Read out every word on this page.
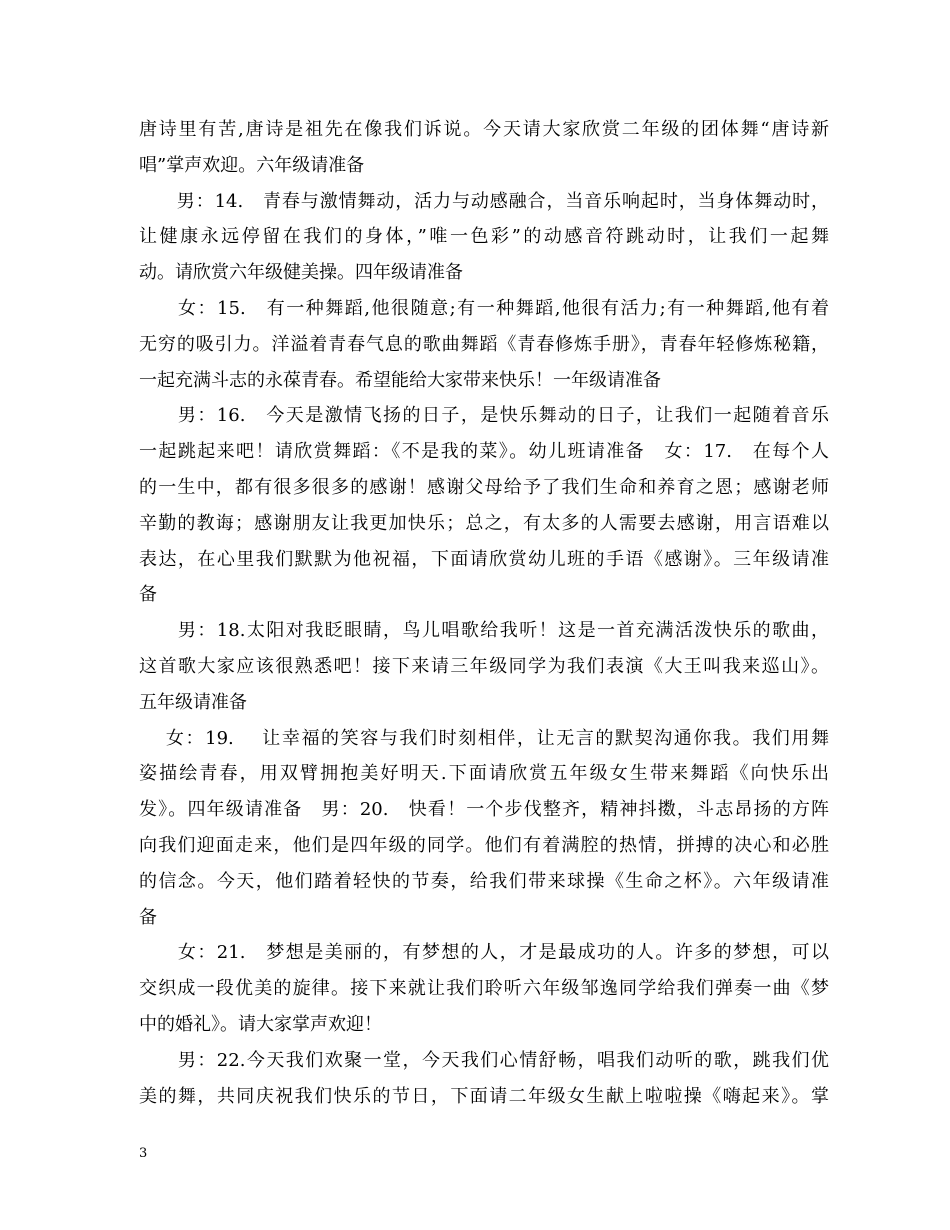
唐诗里有苦,唐诗是祖先在像我们诉说。今天请大家欣赏二年级的团体舞“唐诗新
唱”掌声欢迎。六年级请准备
　　男：14.　青春与激情舞动，活力与动感融合，当音乐响起时，当身体舞动时，
让健康永远停留在我们的身体，”唯一色彩”的动感音符跳动时，让我们一起舞
动。请欣赏六年级健美操。四年级请准备
　　女：15.　有一种舞蹈,他很随意;有一种舞蹈,他很有活力;有一种舞蹈,他有着
无穷的吸引力。洋溢着青春气息的歌曲舞蹈《青春修炼手册》，青春年轻修炼秘籍，
一起充满斗志的永葆青春。希望能给大家带来快乐！一年级请准备
　　男：16.　今天是激情飞扬的日子，是快乐舞动的日子，让我们一起随着音乐
一起跳起来吧！请欣赏舞蹈：《不是我的菜》。幼儿班请准备　女：17.　在每个人
的一生中，都有很多很多的感谢！感谢父母给予了我们生命和养育之恩；感谢老师
辛勤的教诲；感谢朋友让我更加快乐；总之，有太多的人需要去感谢，用言语难以
表达，在心里我们默默为他祝福，下面请欣赏幼儿班的手语《感谢》。三年级请准
备
　　男：18.太阳对我眨眼睛，鸟儿唱歌给我听！这是一首充满活泼快乐的歌曲，
这首歌大家应该很熟悉吧！接下来请三年级同学为我们表演《大王叫我来巡山》。
五年级请准备
　 女：19.　 让幸福的笑容与我们时刻相伴，让无言的默契沟通你我。我们用舞
姿描绘青春，用双臂拥抱美好明天.下面请欣赏五年级女生带来舞蹈《向快乐出
发》。四年级请准备　男：20.　快看！一个步伐整齐，精神抖擞，斗志昂扬的方阵
向我们迎面走来，他们是四年级的同学。他们有着满腔的热情，拼搏的决心和必胜
的信念。今天，他们踏着轻快的节奏，给我们带来球操《生命之杯》。六年级请准
备
　　女：21.　梦想是美丽的，有梦想的人，才是最成功的人。许多的梦想，可以
交织成一段优美的旋律。接下来就让我们聆听六年级邹逸同学给我们弹奏一曲《梦
中的婚礼》。请大家掌声欢迎！
　　男：22.今天我们欢聚一堂，今天我们心情舒畅，唱我们动听的歌，跳我们优
美的舞，共同庆祝我们快乐的节日，下面请二年级女生献上啦啦操《嗨起来》。掌
3
